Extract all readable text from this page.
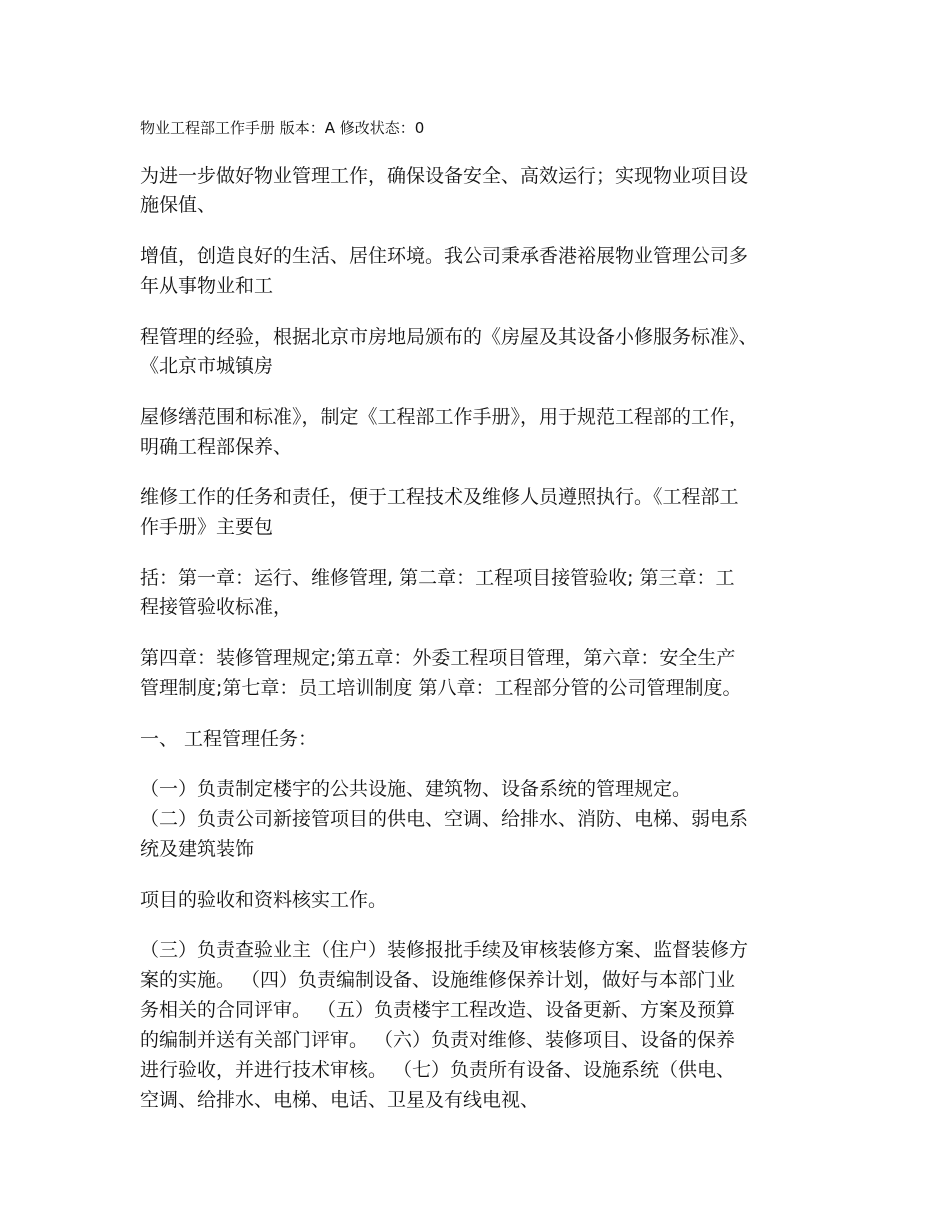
物业工程部工作手册 版本：A 修改状态：0
为进一步做好物业管理工作，确保设备安全、高效运行；实现物业项目设
施保值、
增值，创造良好的生活、居住环境。我公司秉承香港裕展物业管理公司多
年从事物业和工
程管理的经验，根据北京市房地局颁布的《房屋及其设备小修服务标准》、
《北京市城镇房
屋修缮范围和标准》，制定《工程部工作手册》，用于规范工程部的工作，
明确工程部保养、
维修工作的任务和责任，便于工程技术及维修人员遵照执行。《工程部工
作手册》主要包
括：第一章：运行、维修管理, 第二章：工程项目接管验收; 第三章：工
程接管验收标准，
第四章：装修管理规定;第五章：外委工程项目管理，第六章：安全生产
管理制度;第七章：员工培训制度 第八章：工程部分管的公司管理制度。
一、 工程管理任务：
（一）负责制定楼宇的公共设施、建筑物、设备系统的管理规定。
（二）负责公司新接管项目的供电、空调、给排水、消防、电梯、弱电系
统及建筑装饰
项目的验收和资料核实工作。
（三）负责查验业主（住户）装修报批手续及审核装修方案、监督装修方
案的实施。 （四）负责编制设备、设施维修保养计划，做好与本部门业
务相关的合同评审。 （五）负责楼宇工程改造、设备更新、方案及预算
的编制并送有关部门评审。 （六）负责对维修、装修项目、设备的保养
进行验收，并进行技术审核。 （七）负责所有设备、设施系统（供电、
空调、给排水、电梯、电话、卫星及有线电视、
